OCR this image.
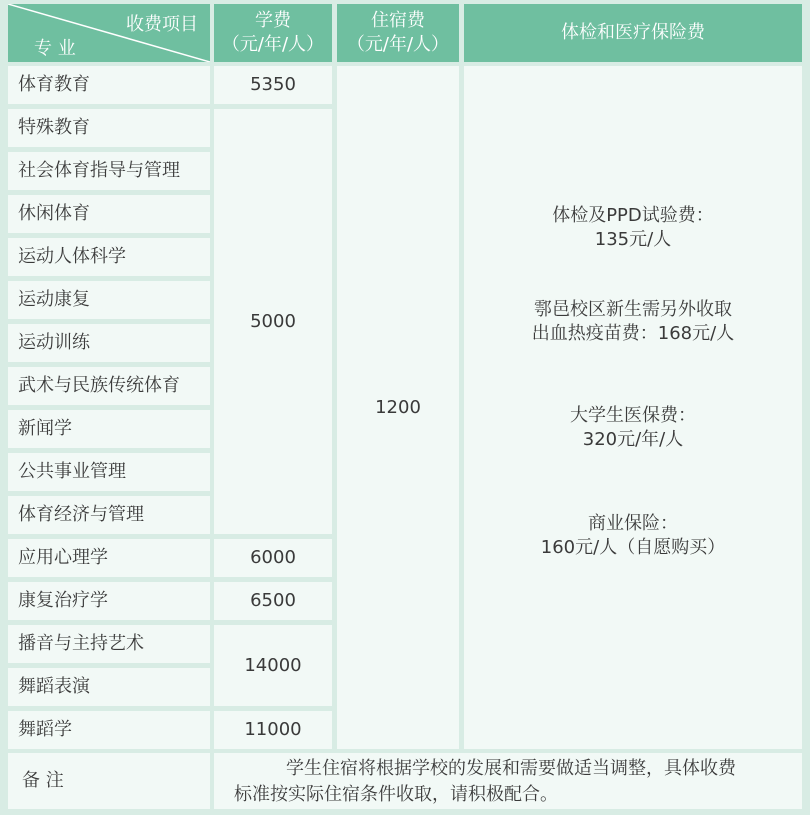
收费项目
专 业
学费
（元/年/人）
住宿费
（元/年/人）
体检和医疗保险费
体育教育
特殊教育
社会体育指导与管理
休闲体育
运动人体科学
运动康复
运动训练
武术与民族传统体育
新闻学
公共事业管理
体育经济与管理
应用心理学
康复治疗学
播音与主持艺术
舞蹈表演
舞蹈学
5350
5000
6000
6500
14000
11000
1200

体检及PPD试验费：

135元/人

鄠邑校区新生需另外收取

出血热疫苗费：168元/人

大学生医保费：

320元/年/人

商业保险：

160元/人（自愿购买）

备 注
学生住宿将根据学校的发展和需要做适当调整，具体收费
标准按实际住宿条件收取，请积极配合。
